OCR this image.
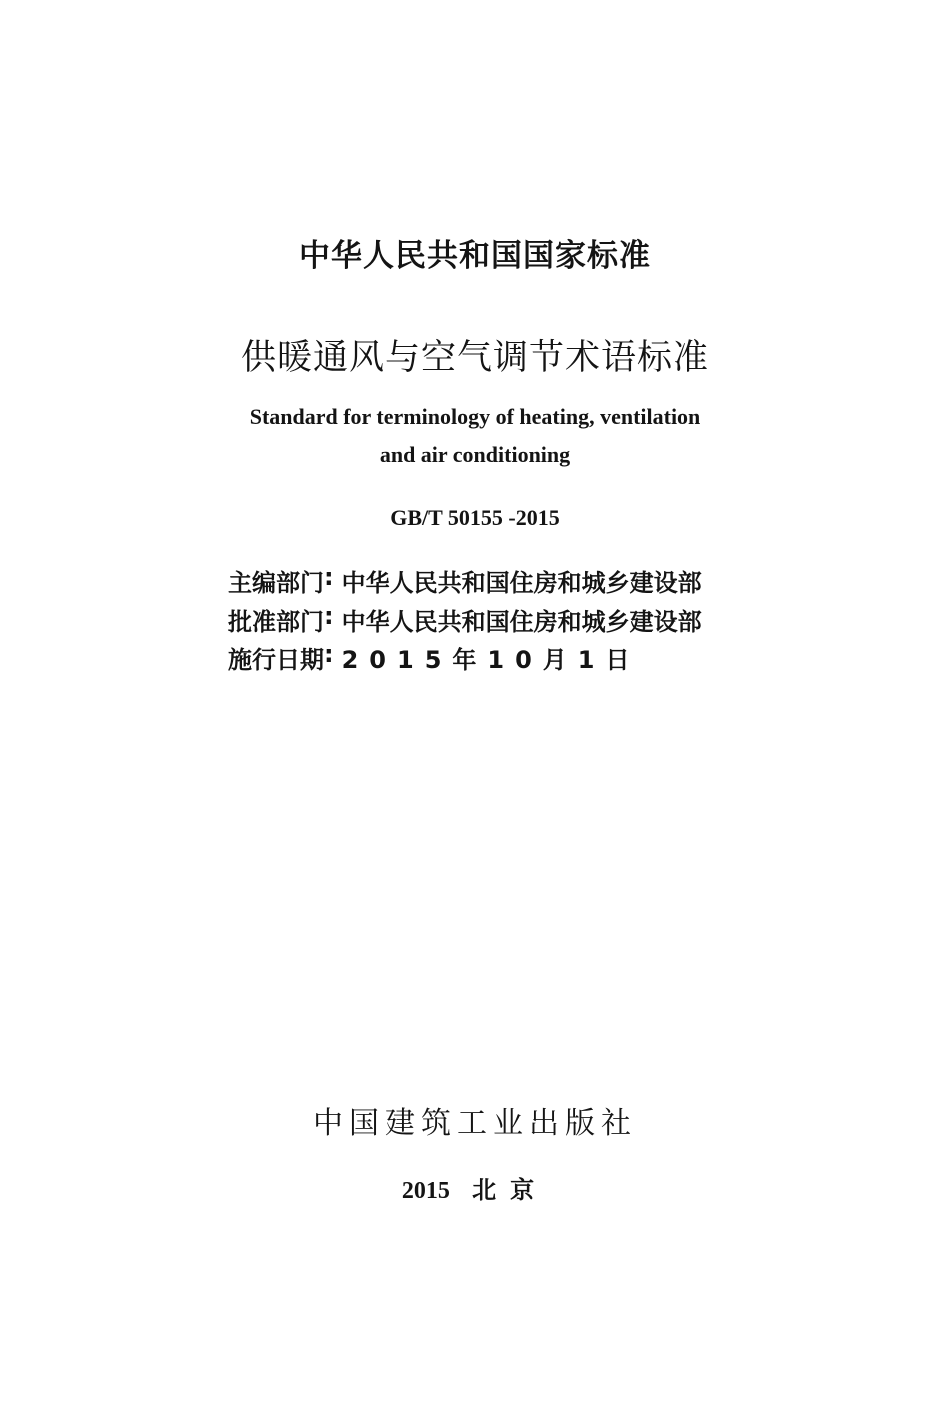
中华人民共和国国家标准
供暖通风与空气调节术语标准
Standard for terminology of heating, ventilation
and air conditioning
GB/T 50155 -2015
主编部门 : 中华人民共和国住房和城乡建设部
批准部门 : 中华人民共和国住房和城乡建设部
施行日期 : 2015年10月1日
中国建筑工业出版社
2015 北京
